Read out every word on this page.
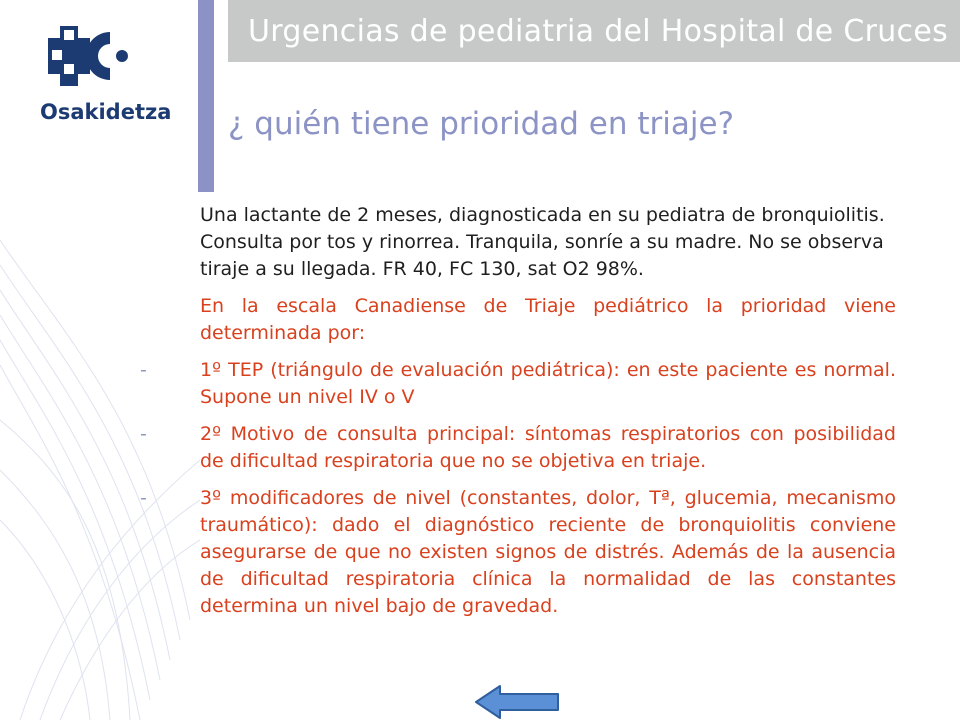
Osakidetza
Urgencias de pediatria del Hospital de Cruces
¿ quién tiene prioridad en triaje?

Una lactante de 2 meses, diagnosticada en su pediatra de bronquiolitis. Consulta por tos y rinorrea. Tranquila, sonríe a su madre. No se observa tiraje a su llegada. FR 40, FC 130, sat O2 98%.

En la escala Canadiense de Triaje pediátrico la prioridad viene determinada por:

-	1º TEP (triángulo de evaluación pediátrica): en este paciente es normal. Supone un nivel IV o V
-	2º Motivo de consulta principal: síntomas respiratorios con posibilidad de dificultad respiratoria que no se objetiva en triaje.
-	3º modificadores de nivel (constantes, dolor, Tª, glucemia, mecanismo traumático): dado el diagnóstico reciente de bronquiolitis conviene asegurarse de que no existen signos de distrés. Además de la ausencia de dificultad respiratoria clínica la normalidad de las constantes determina un nivel bajo de gravedad.
